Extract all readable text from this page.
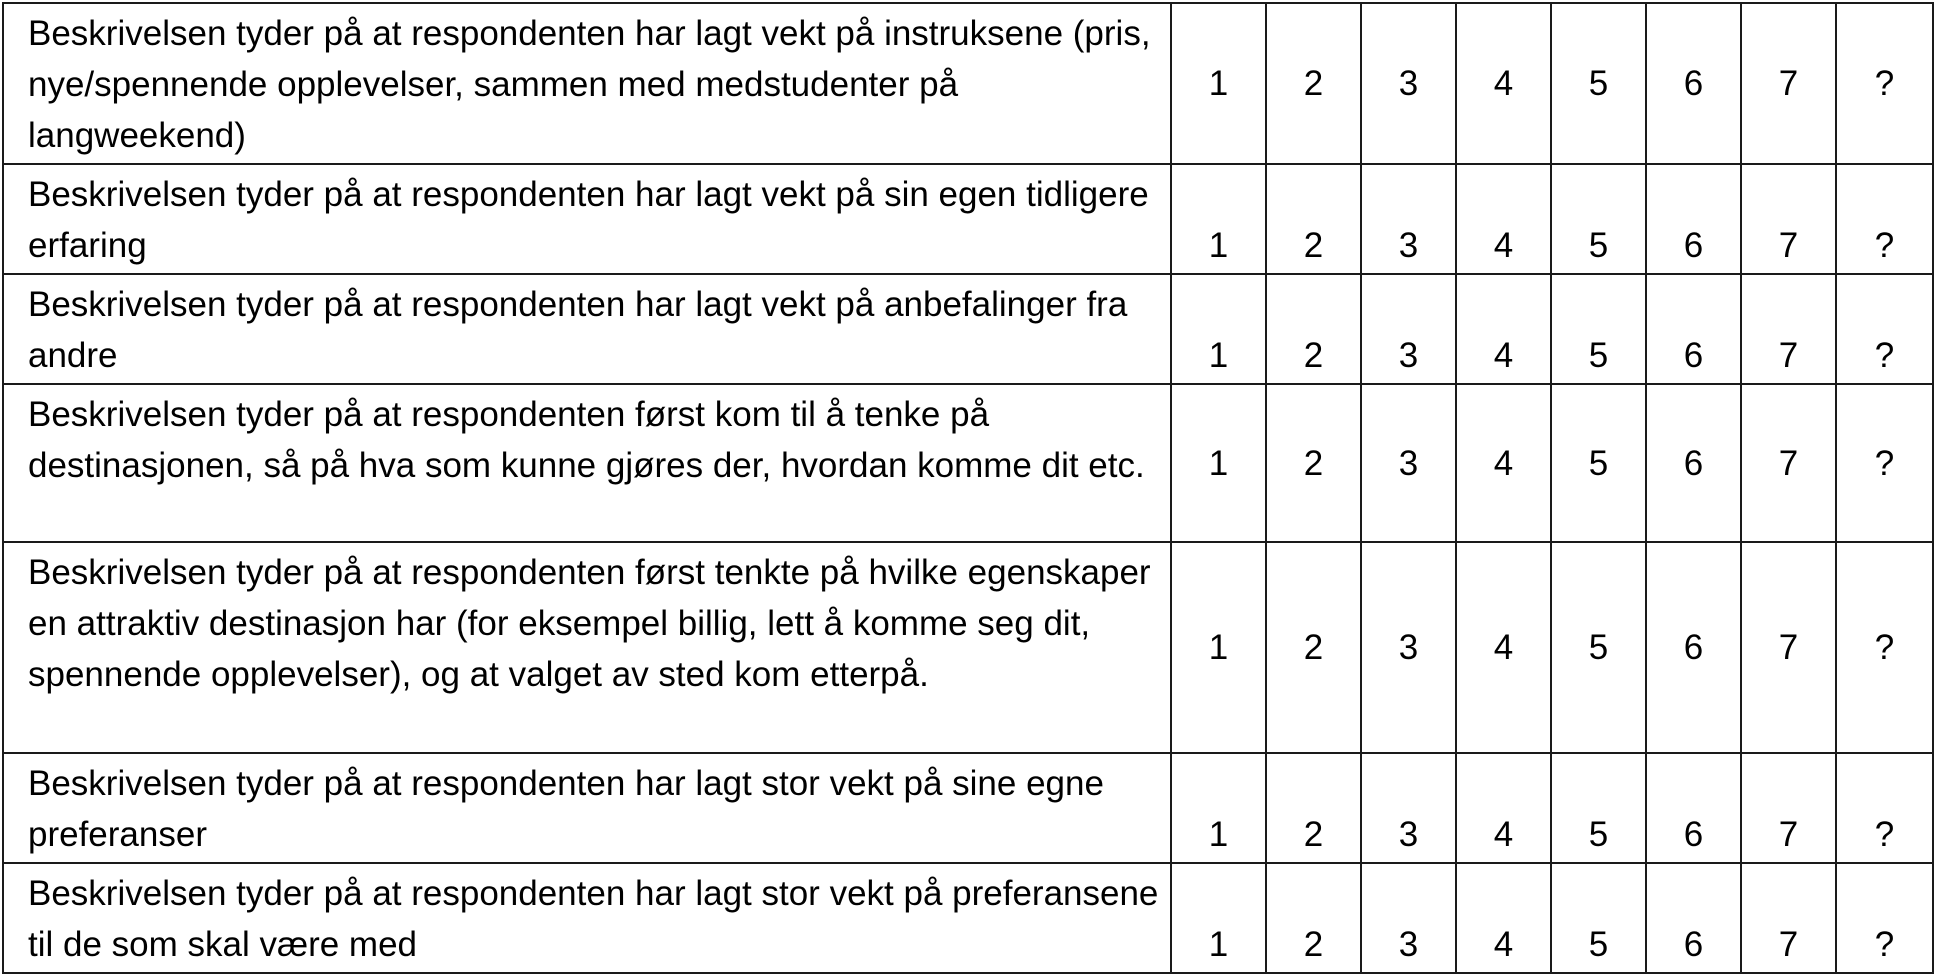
Beskrivelsen tyder på at respondenten har lagt vekt på instruksene (pris, nye/spennende opplevelser, sammen med medstudenter på langweekend)	1	2	3	4	5	6	7	?
Beskrivelsen tyder på at respondenten har lagt vekt på sin egen tidligere erfaring	1	2	3	4	5	6	7	?
Beskrivelsen tyder på at respondenten har lagt vekt på anbefalinger fra andre	1	2	3	4	5	6	7	?
Beskrivelsen tyder på at respondenten først kom til å tenke på destinasjonen, så på hva som kunne gjøres der, hvordan komme dit etc.	1	2	3	4	5	6	7	?
Beskrivelsen tyder på at respondenten først tenkte på hvilke egenskaper en attraktiv destinasjon har (for eksempel billig, lett å komme seg dit, spennende opplevelser), og at valget av sted kom etterpå.	1	2	3	4	5	6	7	?
Beskrivelsen tyder på at respondenten har lagt stor vekt på sine egne preferanser	1	2	3	4	5	6	7	?
Beskrivelsen tyder på at respondenten har lagt stor vekt på preferansene til de som skal være med	1	2	3	4	5	6	7	?
